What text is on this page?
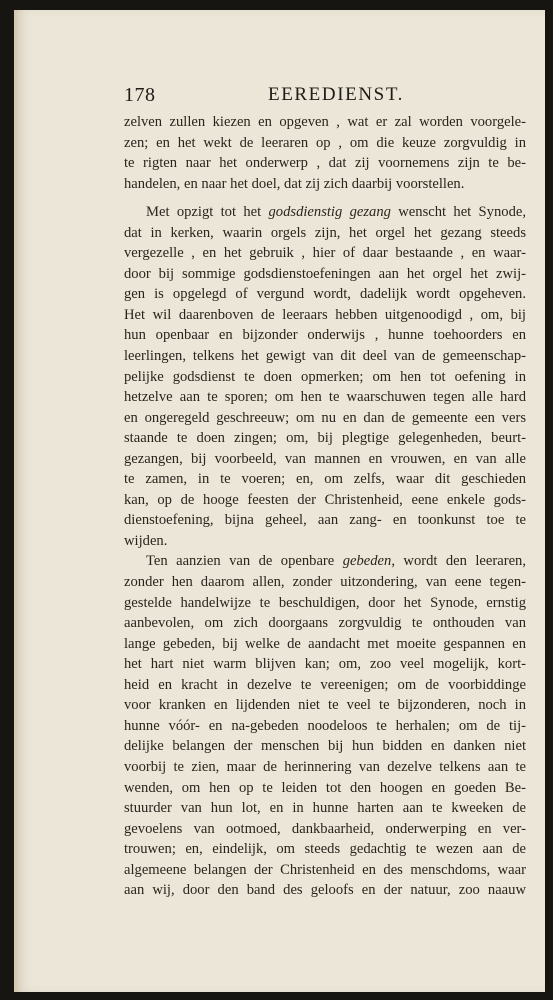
178	EEREDIENST.
zelven zullen kiezen en opgeven , wat er zal worden voorgele-
zen; en het wekt de leeraren op , om die keuze zorgvuldig in
te rigten naar het onderwerp , dat zij voornemens zijn te be-
handelen, en naar het doel, dat zij zich daarbij voorstellen.
Met opzigt tot het godsdienstig gezang wenscht het Synode,
dat in kerken, waarin orgels zijn, het orgel het gezang steeds
vergezelle , en het gebruik , hier of daar bestaande , en waar-
door bij sommige godsdienstoefeningen aan het orgel het zwij-
gen is opgelegd of vergund wordt, dadelijk wordt opgeheven.
Het wil daarenboven de leeraars hebben uitgenoodigd , om, bij
hun openbaar en bijzonder onderwijs , hunne toehoorders en
leerlingen, telkens het gewigt van dit deel van de gemeenschap-
pelijke godsdienst te doen opmerken; om hen tot oefening in
hetzelve aan te sporen; om hen te waarschuwen tegen alle hard
en ongeregeld geschreeuw; om nu en dan de gemeente een vers
staande te doen zingen; om, bij plegtige gelegenheden, beurt-
gezangen, bij voorbeeld, van mannen en vrouwen, en van alle
te zamen, in te voeren; en, om zelfs, waar dit geschieden
kan, op de hooge feesten der Christenheid, eene enkele gods-
dienstoefening, bijna geheel, aan zang- en toonkunst toe te
wijden.
Ten aanzien van de openbare gebeden, wordt den leeraren,
zonder hen daarom allen, zonder uitzondering, van eene tegen-
gestelde handelwijze te beschuldigen, door het Synode, ernstig
aanbevolen, om zich doorgaans zorgvuldig te onthouden van
lange gebeden, bij welke de aandacht met moeite gespannen en
het hart niet warm blijven kan; om, zoo veel mogelijk, kort-
heid en kracht in dezelve te vereenigen; om de voorbiddinge
voor kranken en lijdenden niet te veel te bijzonderen, noch in
hunne vóór- en na-gebeden noodeloos te herhalen; om de tij-
delijke belangen der menschen bij hun bidden en danken niet
voorbij te zien, maar de herinnering van dezelve telkens aan te
wenden, om hen op te leiden tot den hoogen en goeden Be-
stuurder van hun lot, en in hunne harten aan te kweeken de
gevoelens van ootmoed, dankbaarheid, onderwerping en ver-
trouwen; en, eindelijk, om steeds gedachtig te wezen aan de
algemeene belangen der Christenheid en des menschdoms, waar
aan wij, door den band des geloofs en der natuur, zoo naauw
